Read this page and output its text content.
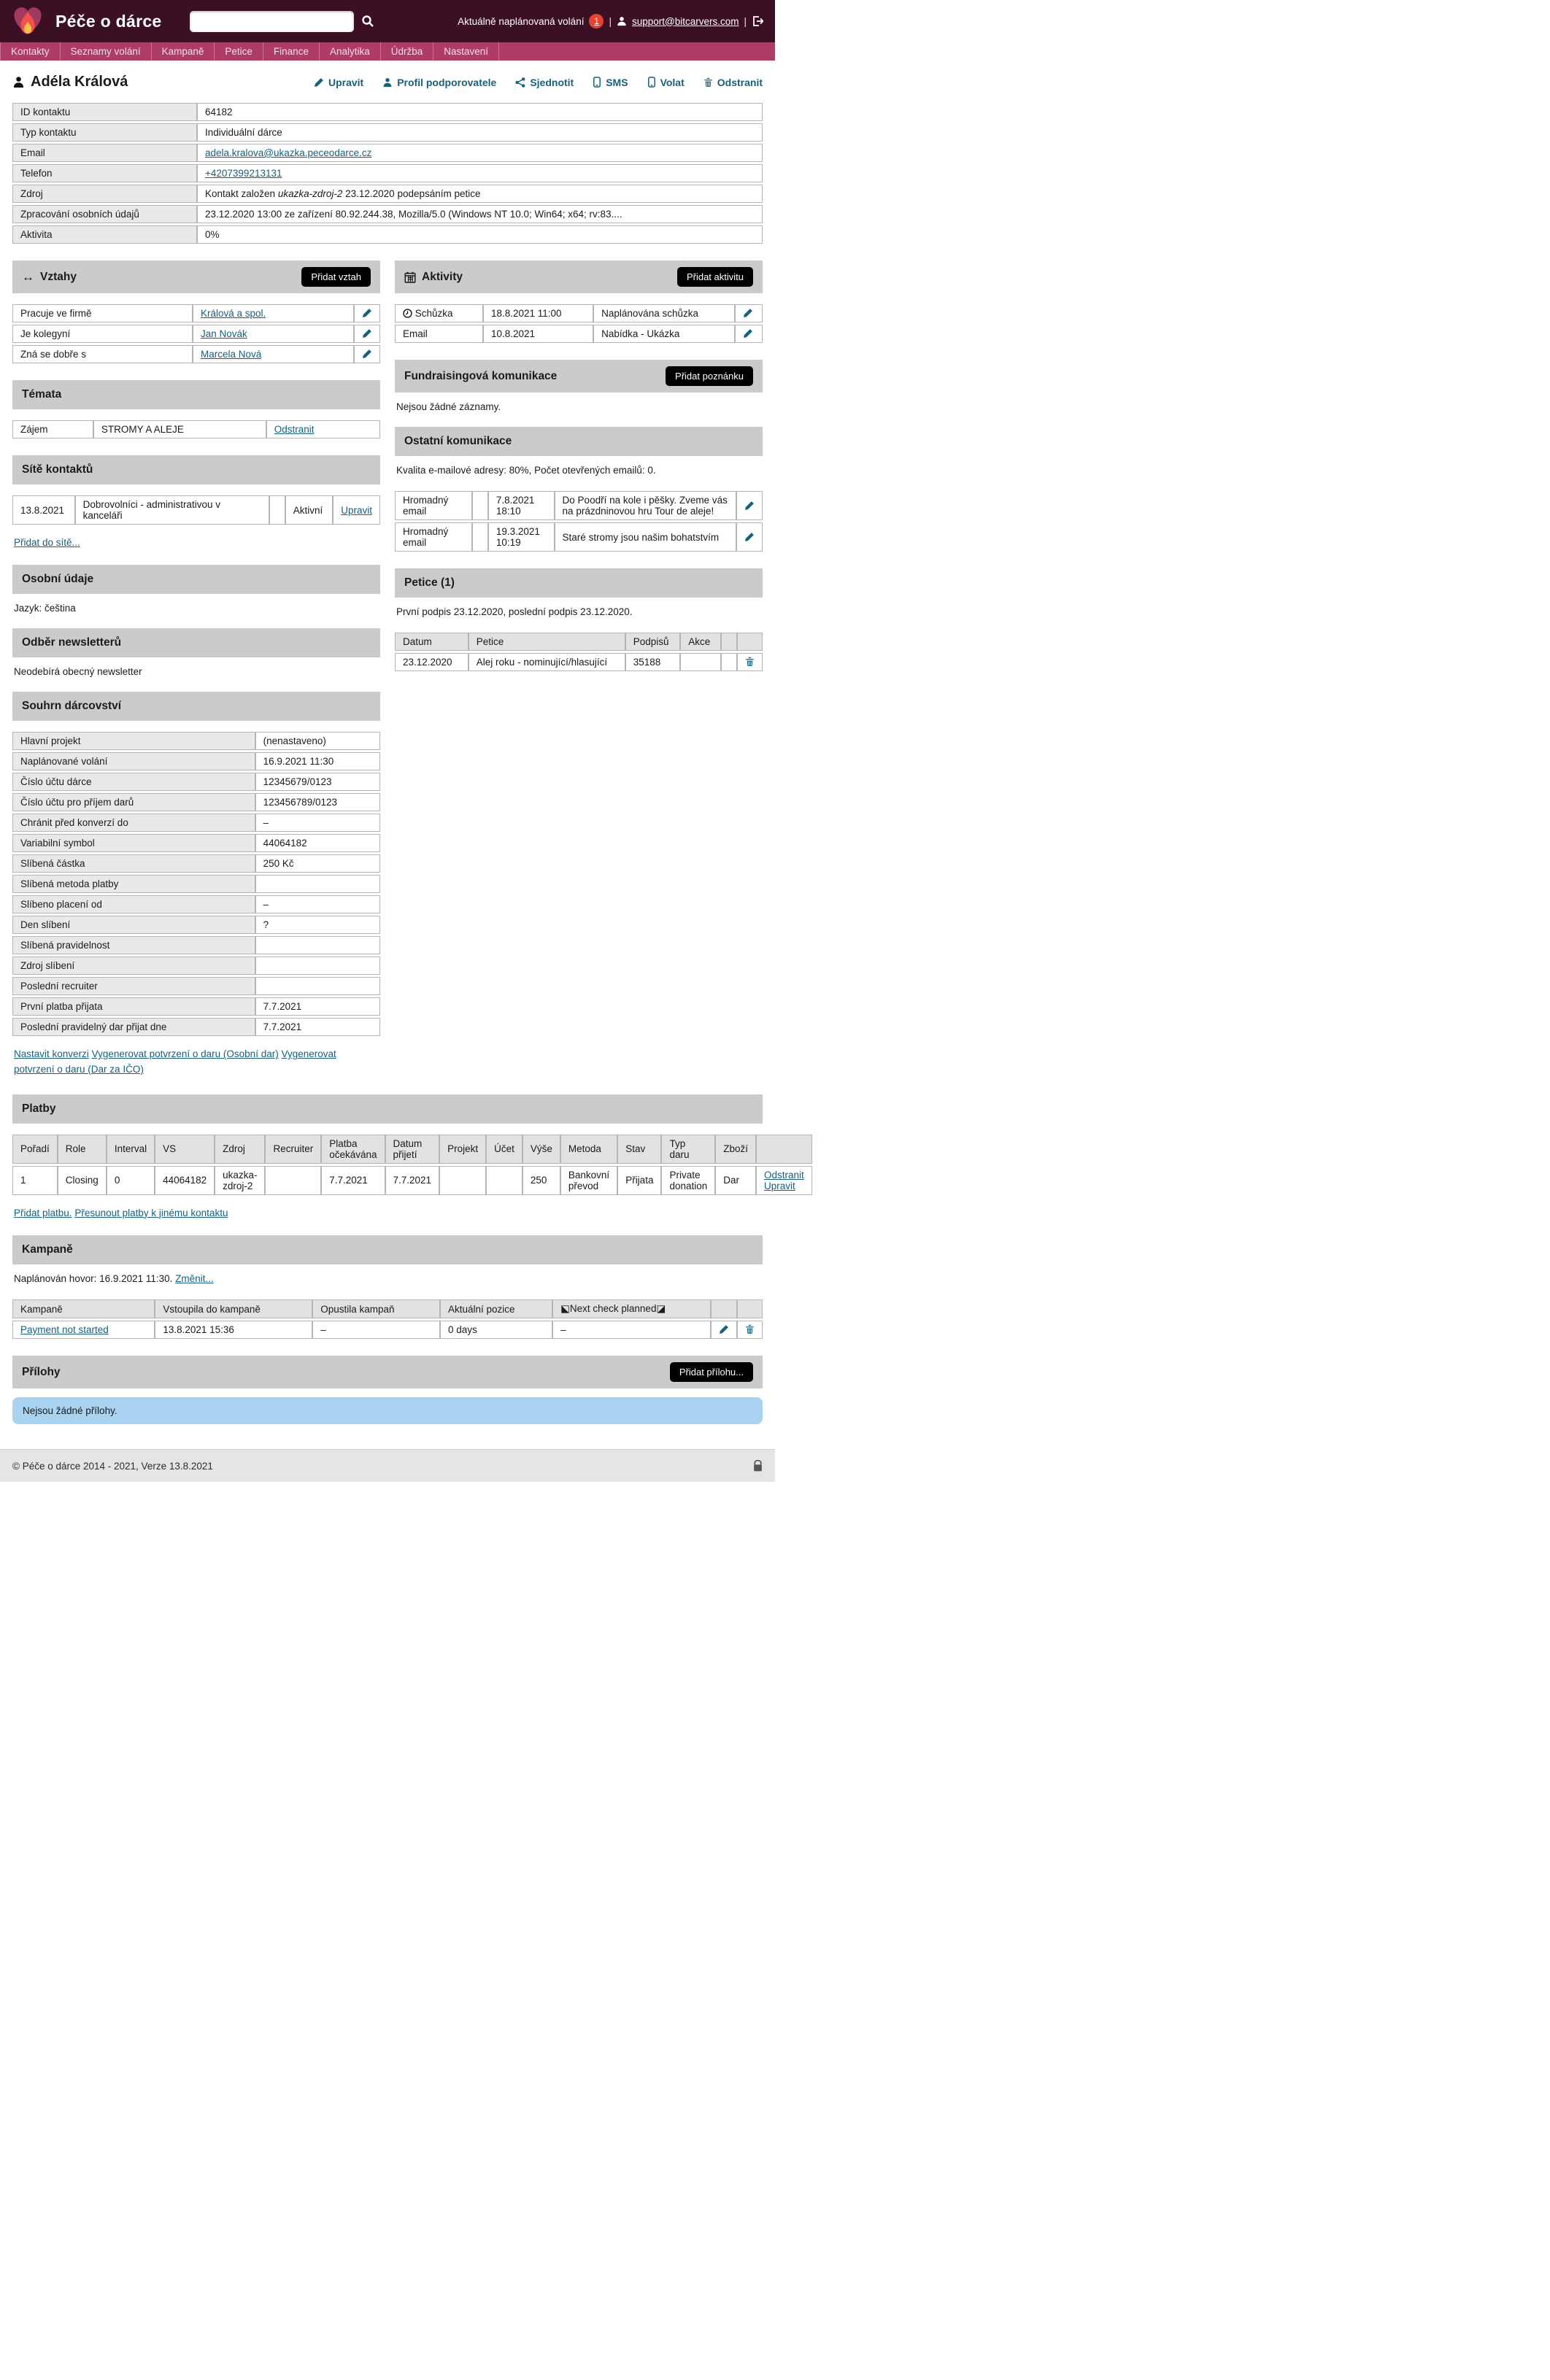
Péče o dárce	Aktuálně naplánovaná volání	1	| support@bitcarvers.com |
Kontakty	Seznamy volání	Kampaně	Petice	Finance	Analytika	Údržba	Nastavení
Adéla Králová	Upravit	Profil podporovatele	Sjednotit	SMS	Volat	Odstranit
ID kontaktu	64182
Typ kontaktu	Individuální dárce
Email	adela.kralova@ukazka.peceodarce.cz
Telefon	+4207399213131
Zdroj	Kontakt založen ukazka-zdroj-2 23.12.2020 podepsáním petice
Zpracování osobních údajů	23.12.2020 13:00 ze zařízení 80.92.244.38, Mozilla/5.0 (Windows NT 10.0; Win64; x64; rv:83....
Aktivita	0%
↔ Vztahy	Přidat vztah
Pracuje ve firmě	Králová a spol.	

Je kolegyní	Jan Novák	

Zná se dobře s	Marcela Nová	
Témata
Zájem	STROMY A ALEJE	Odstranit
Sítě kontaktů
13.8.2021	Dobrovolníci - administrativou v kanceláři		Aktivní	Upravit
Přidat do sítě...
Osobní údaje
Jazyk: čeština
Odběr newsletterů
Neodebírá obecný newsletter
Souhrn dárcovství
Hlavní projekt	(nenastaveno)
Naplánované volání	16.9.2021 11:30
Číslo účtu dárce	12345679/0123
Číslo účtu pro příjem darů	123456789/0123
Chránit před konverzí do	–
Variabilní symbol	44064182
Slíbená částka	250 Kč
Slíbená metoda platby	
Slíbeno placení od	–
Den slíbení	?
Slíbená pravidelnost	
Zdroj slíbení	
Poslední recruiter	
První platba přijata	7.7.2021
Poslední pravidelný dar přijat dne	7.7.2021
Nastavit konverzi Vygenerovat potvrzení o daru (Osobní dar) Vygenerovat potvrzení o daru (Dar za IČO)
Aktivity	Přidat aktivitu
Schůzka	18.8.2021 11:00	Naplánována schůzka	

Email	10.8.2021	Nabídka - Ukázka	
Fundraisingová komunikace	Přidat poznánku
Nejsou žádné záznamy.
Ostatní komunikace
Kvalita e-mailové adresy: 80%, Počet otevřených emailů: 0.
Hromadný email		7.8.2021 18:10	Do Poodří na kole i pěšky. Zveme vás na prázdninovou hru Tour de aleje!	

Hromadný email		19.3.2021 10:19	Staré stromy jsou našim bohatstvím	
Petice (1)
První podpis 23.12.2020, poslední podpis 23.12.2020.
Datum	Petice	Podpisů	Akce		
23.12.2020	Alej roku - nominující/hlasující	35188			
Platby
Pořadí	Role	Interval	VS	Zdroj	Recruiter	Platba očekávána	Datum přijetí	Projekt	Účet	Výše	Metoda	Stav	Typ daru	Zboží	
1	Closing	0	44064182	ukazka-zdroj-2		7.7.2021	7.7.2021			250	Bankovní převod	Přijata	Private donation	Dar	Odstranit
Upravit
Přidat platbu. Přesunout platby k jinému kontaktu
Kampaně
Naplánován hovor: 16.9.2021 11:30. Změnit...
Kampaně	Vstoupila do kampaně	Opustila kampaň	Aktuální pozice	⬕Next check planned◪		
Payment not started	13.8.2021 15:36	–	0 days	–	

Přílohy	Přidat přílohu...
Nejsou žádné přílohy.
© Péče o dárce 2014 - 2021, Verze 13.8.2021
